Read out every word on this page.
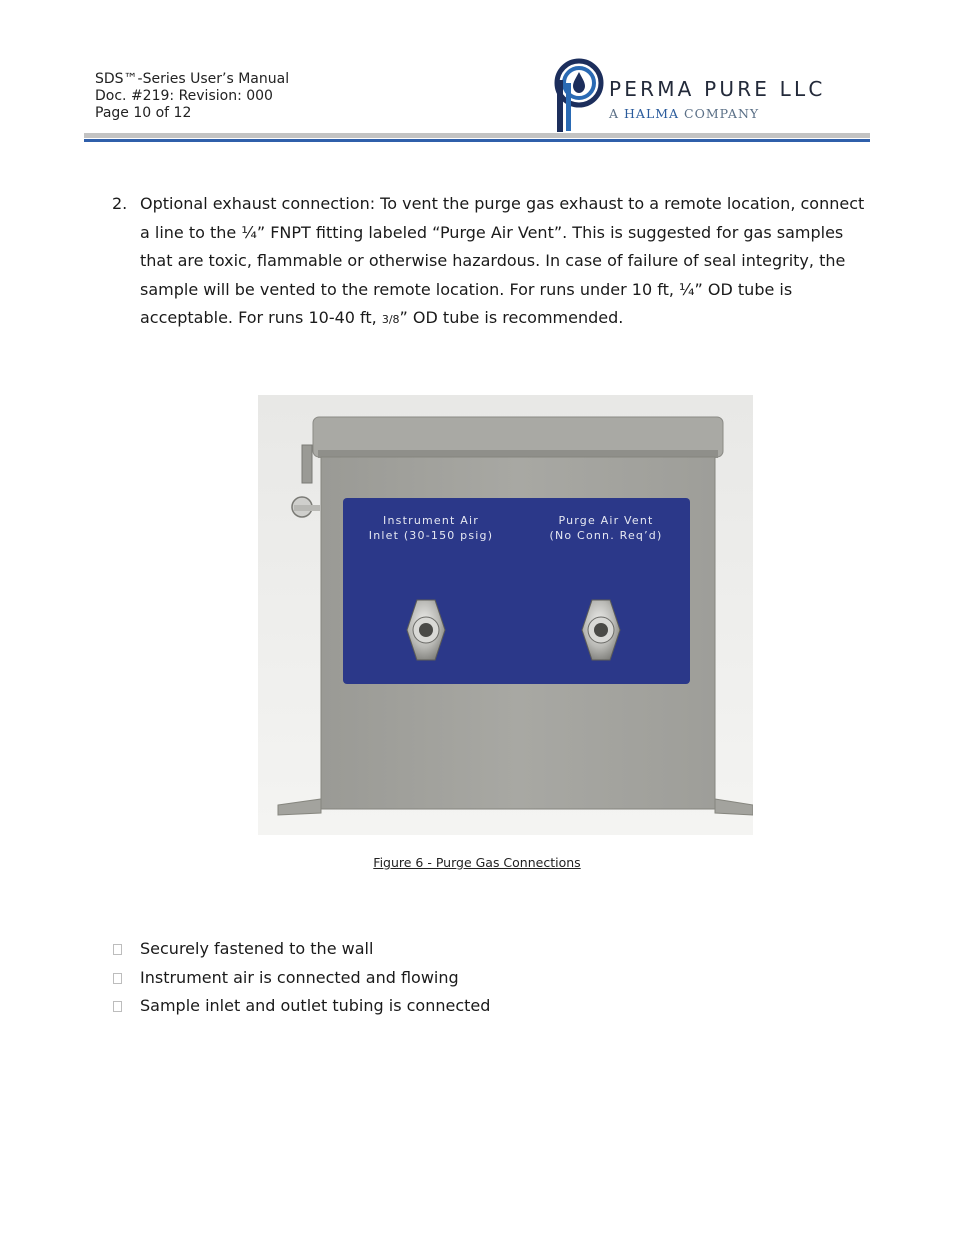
SDS™-Series User’s Manual
Doc. #219: Revision: 000
Page 10 of 12
PERMA PURE LLC
A HALMA COMPANY
2. Optional exhaust connection: To vent the purge gas exhaust to a remote location, connect a line to the ¼” FNPT fitting labeled “Purge Air Vent”. This is suggested for gas samples that are toxic, flammable or otherwise hazardous. In case of failure of seal integrity, the sample will be vented to the remote location. For runs under 10 ft, ¼” OD tube is acceptable. For runs 10-40 ft, 3/8” OD tube is recommended.
Instrument Air
Inlet (30-150 psig)
Purge Air Vent
(No Conn. Req’d)
Figure 6 - Purge Gas Connections
Securely fastened to the wall
Instrument air is connected and flowing
Sample inlet and outlet tubing is connected
